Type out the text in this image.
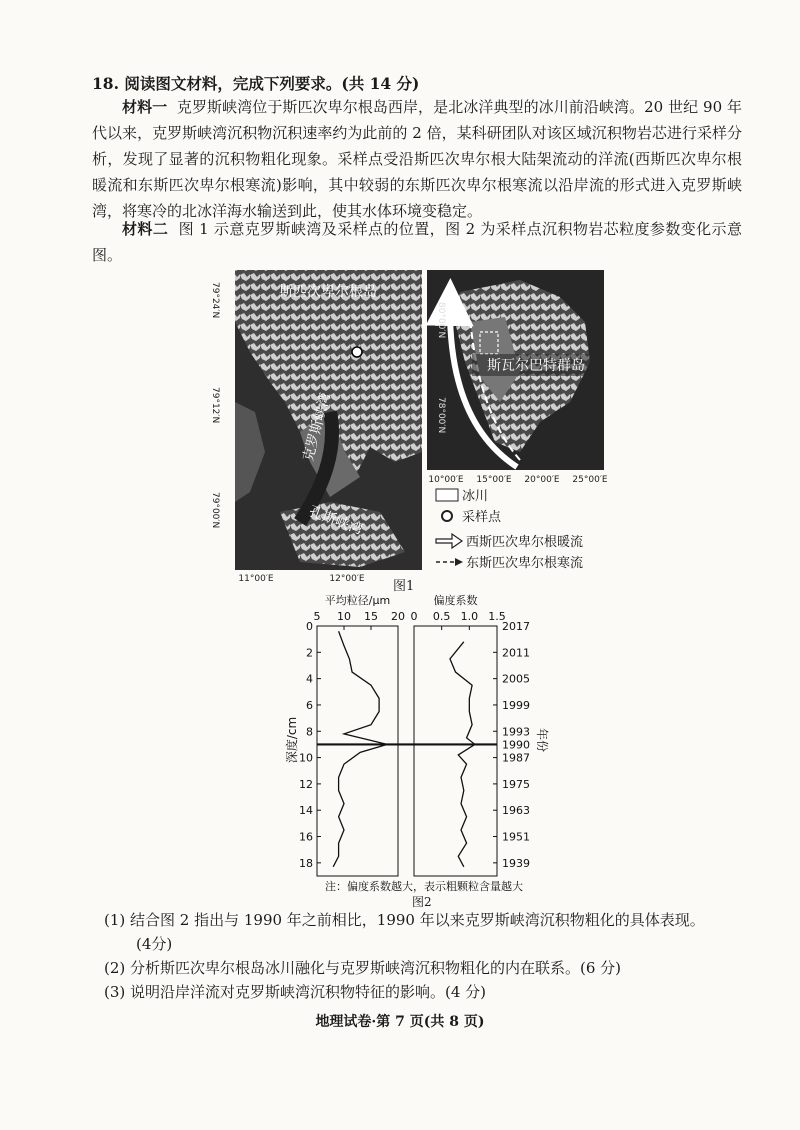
18. 阅读图文材料，完成下列要求。(共 14 分)
材料一 克罗斯峡湾位于斯匹次卑尔根岛西岸，是北冰洋典型的冰川前沿峡湾。20 世纪 90 年代以来，克罗斯峡湾沉积物沉积速率约为此前的 2 倍，某科研团队对该区域沉积物岩芯进行采样分析，发现了显著的沉积物粗化现象。采样点受沿斯匹次卑尔根大陆架流动的洋流(西斯匹次卑尔根暖流和东斯匹次卑尔根寒流)影响，其中较弱的东斯匹次卑尔根寒流以沿岸流的形式进入克罗斯峡湾，将寒冷的北冰洋海水输送到此，使其水体环境变稳定。
材料二 图 1 示意克罗斯峡湾及采样点的位置，图 2 为采样点沉积物岩芯粒度参数变化示意图。
斯匹次卑尔根岛
克罗斯峡湾
孔斯峡湾
79°24′N
79°12′N
79°00′N
11°00′E	12°00′E
斯瓦尔巴特群岛
80°00′N
78°00′N
10°00′E 15°00′E 20°00′E 25°00′E
冰川
采样点
西斯匹次卑尔根暖流
东斯匹次卑尔根寒流
图1
平均粒径/μm
5 10 15 20
0
2
4
6
8
10
12
14
16
18
偏度系数
0 0.5 1.0 1.5
2017
2011
2005
1999
1993
1990
1987
1975
1963
1951
1939
深度/cm	年份
注：偏度系数越大，表示粗颗粒含量越大
图2
(1) 结合图 2 指出与 1990 年之前相比，1990 年以来克罗斯峡湾沉积物粗化的具体表现。
(4分)
(2) 分析斯匹次卑尔根岛冰川融化与克罗斯峡湾沉积物粗化的内在联系。(6 分)
(3) 说明沿岸洋流对克罗斯峡湾沉积物特征的影响。(4 分)
地理试卷·第 7 页(共 8 页)
